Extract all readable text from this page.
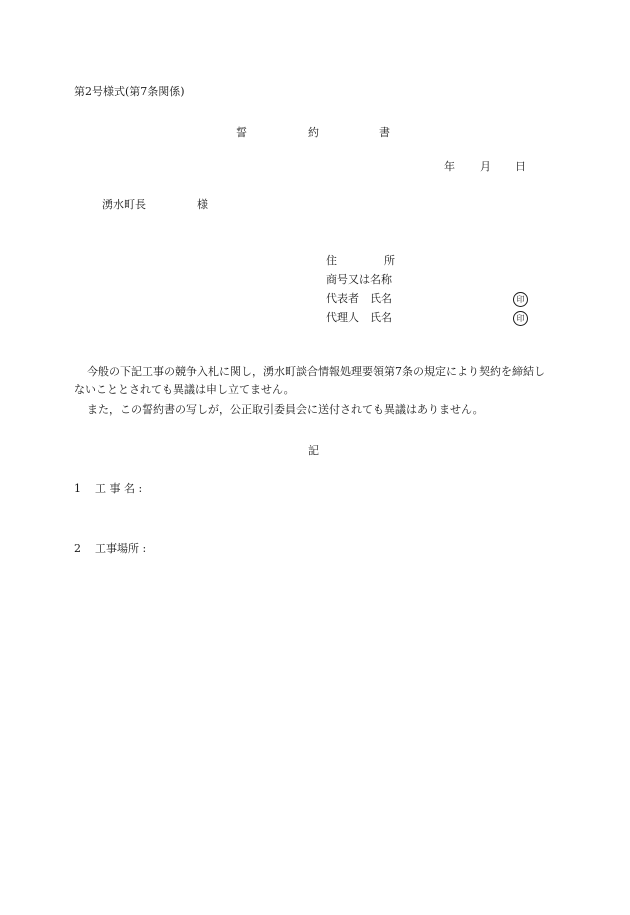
第2号様式(第7条関係)
誓	約	書
年 月 日
湧水町長	様
住	所
商号又は名称
代表者　氏名	印
代理人　氏名	印
今般の下記工事の競争入札に関し，湧水町談合情報処理要領第7条の規定により契約を締結しないこととされても異議は申し立てません。
また，この誓約書の写しが，公正取引委員会に送付されても異議はありません。
記
1 工 事 名 :
2 工事場所 :
